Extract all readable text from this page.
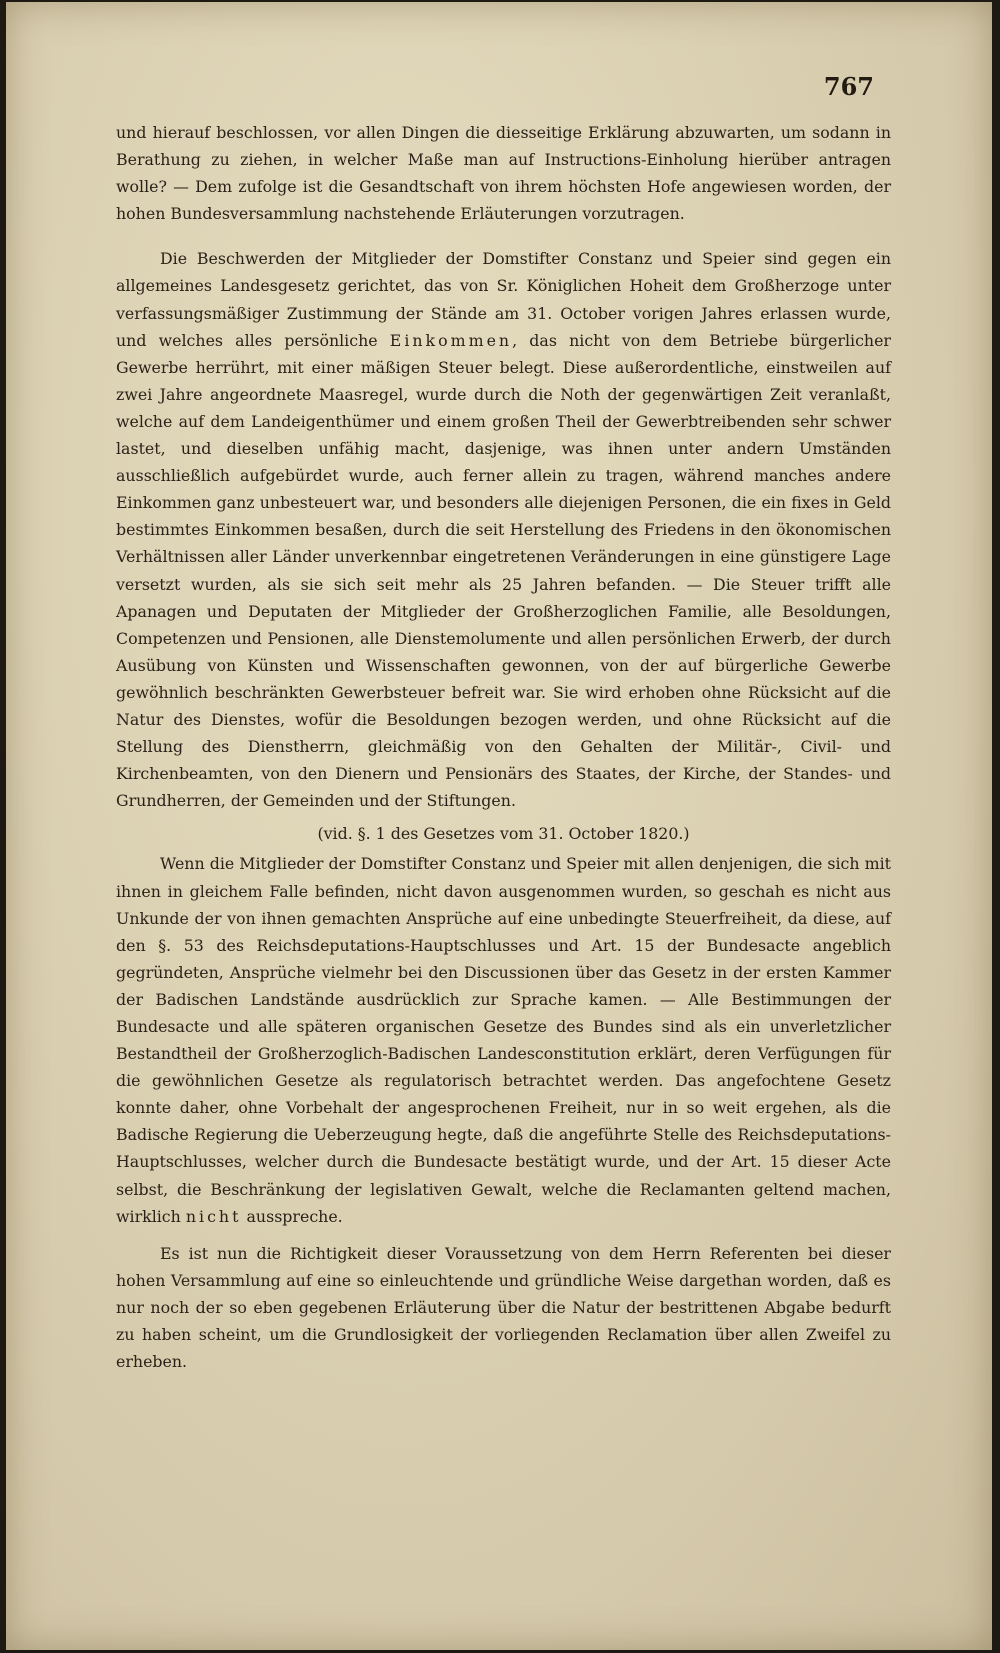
767

und hierauf beschlossen, vor allen Dingen die diesseitige Erklärung abzuwarten, um sodann in Berathung zu ziehen, in welcher Maße man auf Instructions-Einholung hierüber antragen wolle? — Dem zufolge ist die Gesandtschaft von ihrem höchsten Hofe angewiesen worden, der hohen Bundesversammlung nachstehende Erläuterungen vorzutragen.

Die Beschwerden der Mitglieder der Domstifter Constanz und Speier sind gegen ein allgemeines Landesgesetz gerichtet, das von Sr. Königlichen Hoheit dem Großherzoge unter verfassungsmäßiger Zustimmung der Stände am 31. October vorigen Jahres erlassen wurde, und welches alles persönliche Einkommen, das nicht von dem Betriebe bürgerlicher Gewerbe herrührt, mit einer mäßigen Steuer belegt. Diese außerordentliche, einstweilen auf zwei Jahre angeordnete Maasregel, wurde durch die Noth der gegenwärtigen Zeit veranlaßt, welche auf dem Landeigenthümer und einem großen Theil der Gewerbtreibenden sehr schwer lastet, und dieselben unfähig macht, dasjenige, was ihnen unter andern Umständen ausschließlich aufgebürdet wurde, auch ferner allein zu tragen, während manches andere Einkommen ganz unbesteuert war, und besonders alle diejenigen Personen, die ein fixes in Geld bestimmtes Einkommen besaßen, durch die seit Herstellung des Friedens in den ökonomischen Verhältnissen aller Länder unverkennbar eingetretenen Veränderungen in eine günstigere Lage versetzt wurden, als sie sich seit mehr als 25 Jahren befanden. — Die Steuer trifft alle Apanagen und Deputaten der Mitglieder der Großherzoglichen Familie, alle Besoldungen, Competenzen und Pensionen, alle Dienstemolumente und allen persönlichen Erwerb, der durch Ausübung von Künsten und Wissenschaften gewonnen, von der auf bürgerliche Gewerbe gewöhnlich beschränkten Gewerbsteuer befreit war. Sie wird erhoben ohne Rücksicht auf die Natur des Dienstes, wofür die Besoldungen bezogen werden, und ohne Rücksicht auf die Stellung des Dienstherrn, gleichmäßig von den Gehalten der Militär-, Civil- und Kirchenbeamten, von den Dienern und Pensionärs des Staates, der Kirche, der Standes- und Grundherren, der Gemeinden und der Stiftungen.

(vid. §. 1 des Gesetzes vom 31. October 1820.)

Wenn die Mitglieder der Domstifter Constanz und Speier mit allen denjenigen, die sich mit ihnen in gleichem Falle befinden, nicht davon ausgenommen wurden, so geschah es nicht aus Unkunde der von ihnen gemachten Ansprüche auf eine unbedingte Steuerfreiheit, da diese, auf den §. 53 des Reichsdeputations-Hauptschlusses und Art. 15 der Bundesacte angeblich gegründeten, Ansprüche vielmehr bei den Discussionen über das Gesetz in der ersten Kammer der Badischen Landstände ausdrücklich zur Sprache kamen. — Alle Bestimmungen der Bundesacte und alle späteren organischen Gesetze des Bundes sind als ein unverletzlicher Bestandtheil der Großherzoglich-Badischen Landesconstitution erklärt, deren Verfügungen für die gewöhnlichen Gesetze als regulatorisch betrachtet werden. Das angefochtene Gesetz konnte daher, ohne Vorbehalt der angesprochenen Freiheit, nur in so weit ergehen, als die Badische Regierung die Ueberzeugung hegte, daß die angeführte Stelle des Reichsdeputations-Hauptschlusses, welcher durch die Bundesacte bestätigt wurde, und der Art. 15 dieser Acte selbst, die Beschränkung der legislativen Gewalt, welche die Reclamanten geltend machen, wirklich nicht ausspreche.

Es ist nun die Richtigkeit dieser Voraussetzung von dem Herrn Referenten bei dieser hohen Versammlung auf eine so einleuchtende und gründliche Weise dargethan worden, daß es nur noch der so eben gegebenen Erläuterung über die Natur der bestrittenen Abgabe bedurft zu haben scheint, um die Grundlosigkeit der vorliegenden Reclamation über allen Zweifel zu erheben.
